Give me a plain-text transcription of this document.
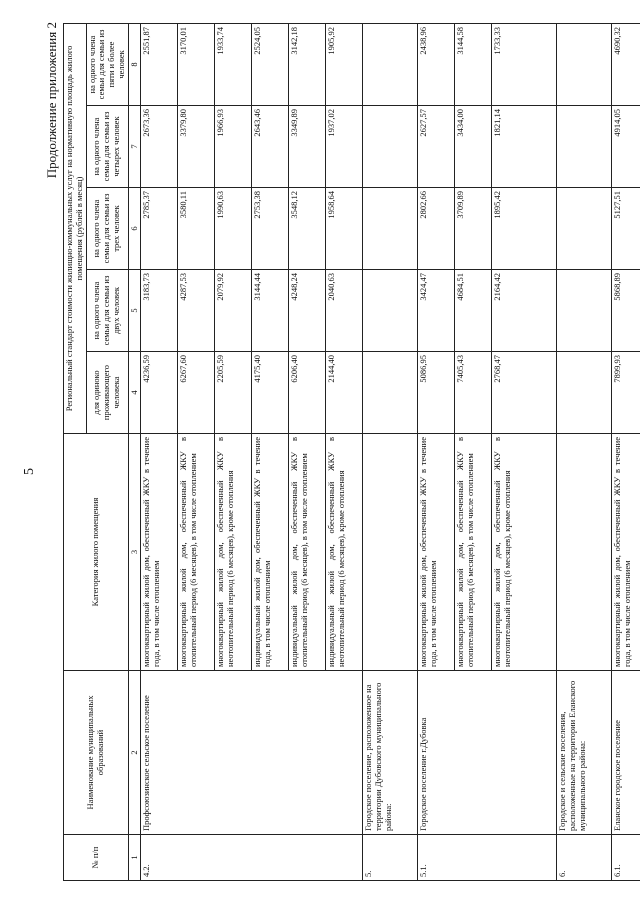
5
Продолжение приложения 2
№ п/п	Наименование муниципальных образований	Категория жилого помещения	Региональный стандарт стоимости жилищно-коммунальных услуг на нормативную площадь жилого помещения (рублей в месяц)				
			для одиноко проживающего человека	на одного члена семьи для семьи из двух человек	на одного члена семьи для семьи из трех человек	на одного члена семьи для семьи из четырех человек	на одного члена семьи для семьи из пяти и более человек
1	2	3	4	5	6	7	8
4.2.	Профсоюзинское сельское поселение	многоквартирный жилой дом, обеспеченный ЖКУ в течение года, в том числе отоплением	4236,59	3183,73	2785,37	2673,36	2551,87
		многоквартирный жилой дом, обеспеченный ЖКУ в отопительный период (6 месяцев), в том числе отоплением	6267,60	4287,53	3580,11	3379,80	3170,01
		многоквартирный жилой дом, обеспеченный ЖКУ в неотопительный период (6 месяцев), кроме отопления	2205,59	2079,92	1990,63	1966,93	1933,74
		индивидуальный жилой дом, обеспеченный ЖКУ в течение года, в том числе отоплением	4175,40	3144,44	2753,38	2643,46	2524,05
		индивидуальный жилой дом, обеспеченный ЖКУ в отопительный период (6 месяцев), в том числе отоплением	6206,40	4248,24	3548,12	3349,89	3142,18
		индивидуальный жилой дом, обеспеченный ЖКУ в неотопительный период (6 месяцев), кроме отопления	2144,40	2040,63	1958,64	1937,02	1905,92
5.	Городское поселение, расположенное на территории Дубовского муниципального района:						
5.1.	Городское поселение г.Дубовка	многоквартирный жилой дом, обеспеченный ЖКУ в течение года, в том числе отоплением	5086,95	3424,47	2802,66	2627,57	2438,96
		многоквартирный жилой дом, обеспеченный ЖКУ в отопительный период (6 месяцев), в том числе отоплением	7405,43	4684,51	3709,89	3434,00	3144,58
		многоквартирный жилой дом, обеспеченный ЖКУ в неотопительный период (6 месяцев), кроме отопления	2768,47	2164,42	1895,42	1821,14	1733,33
6.	Городское и сельские поселения, расположенные на территории Еланского муниципального района:						
6.1.	Еланское городское поселение	многоквартирный жилой дом, обеспеченный ЖКУ в течение года, в том числе отоплением	7899,93	5868,89	5127,51	4914,05	4690,32
